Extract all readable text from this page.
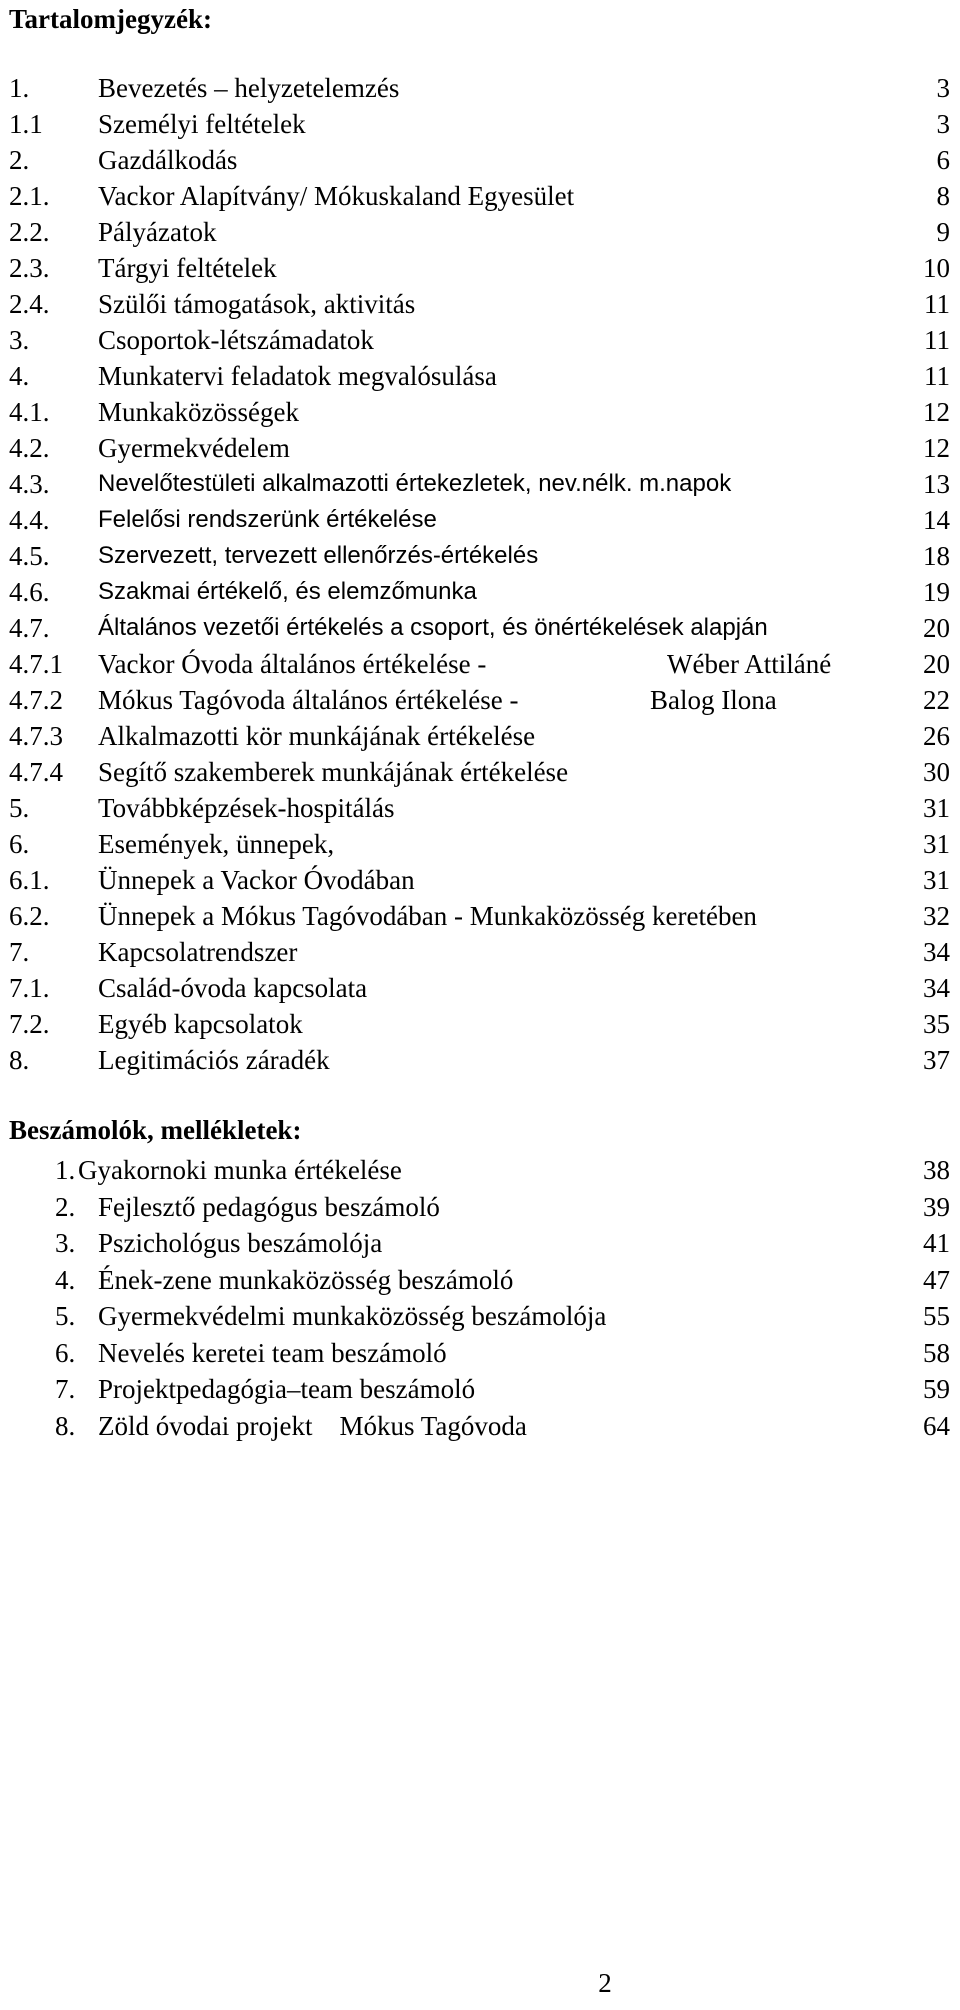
Tartalomjegyzék:
1.	Bevezetés – helyzetelemzés	3
1.1 Személyi feltételek	3
2.	Gazdálkodás	6
2.1. Vackor Alapítvány/ Mókuskaland Egyesület	8
2.2. Pályázatok	9
2.3. Tárgyi feltételek	10
2.4. Szülői támogatások, aktivitás	11
3.	Csoportok-létszámadatok	11
4.	Munkatervi feladatok megvalósulása	11
4.1. Munkaközösségek	12
4.2. Gyermekvédelem	12
4.3. Nevelőtestületi alkalmazotti értekezletek, nev.nélk. m.napok	13
4.4. Felelősi rendszerünk értékelése	14
4.5. Szervezett, tervezett ellenőrzés-értékelés	18
4.6. Szakmai értékelő, és elemzőmunka	19
4.7. Általános vezetői értékelés a csoport, és önértékelések alapján	20
4.7.1 Vackor Óvoda általános értékelése -	Wéber Attiláné	20
4.7.2 Mókus Tagóvoda általános értékelése -	Balog Ilona	22
4.7.3 Alkalmazotti kör munkájának értékelése	26
4.7.4 Segítő szakemberek munkájának értékelése	30
5.	Továbbképzések-hospitálás	31
6.	Események, ünnepek,	31
6.1. Ünnepek a Vackor Óvodában	31
6.2. Ünnepek a Mókus Tagóvodában - Munkaközösség keretében	32
7.	Kapcsolatrendszer	34
7.1. Család-óvoda kapcsolata	34
7.2. Egyéb kapcsolatok	35
8.	Legitimációs záradék	37
Beszámolók, mellékletek:
1. Gyakornoki munka értékelése	38
2. Fejlesztő pedagógus beszámoló	39
3. Pszichológus beszámolója	41
4. Ének-zene munkaközösség beszámoló	47
5. Gyermekvédelmi munkaközösség beszámolója	55
6. Nevelés keretei team beszámoló	58
7. Projektpedagógia–team beszámoló	59
8. Zöld óvodai projekt    Mókus Tagóvoda	64
2
